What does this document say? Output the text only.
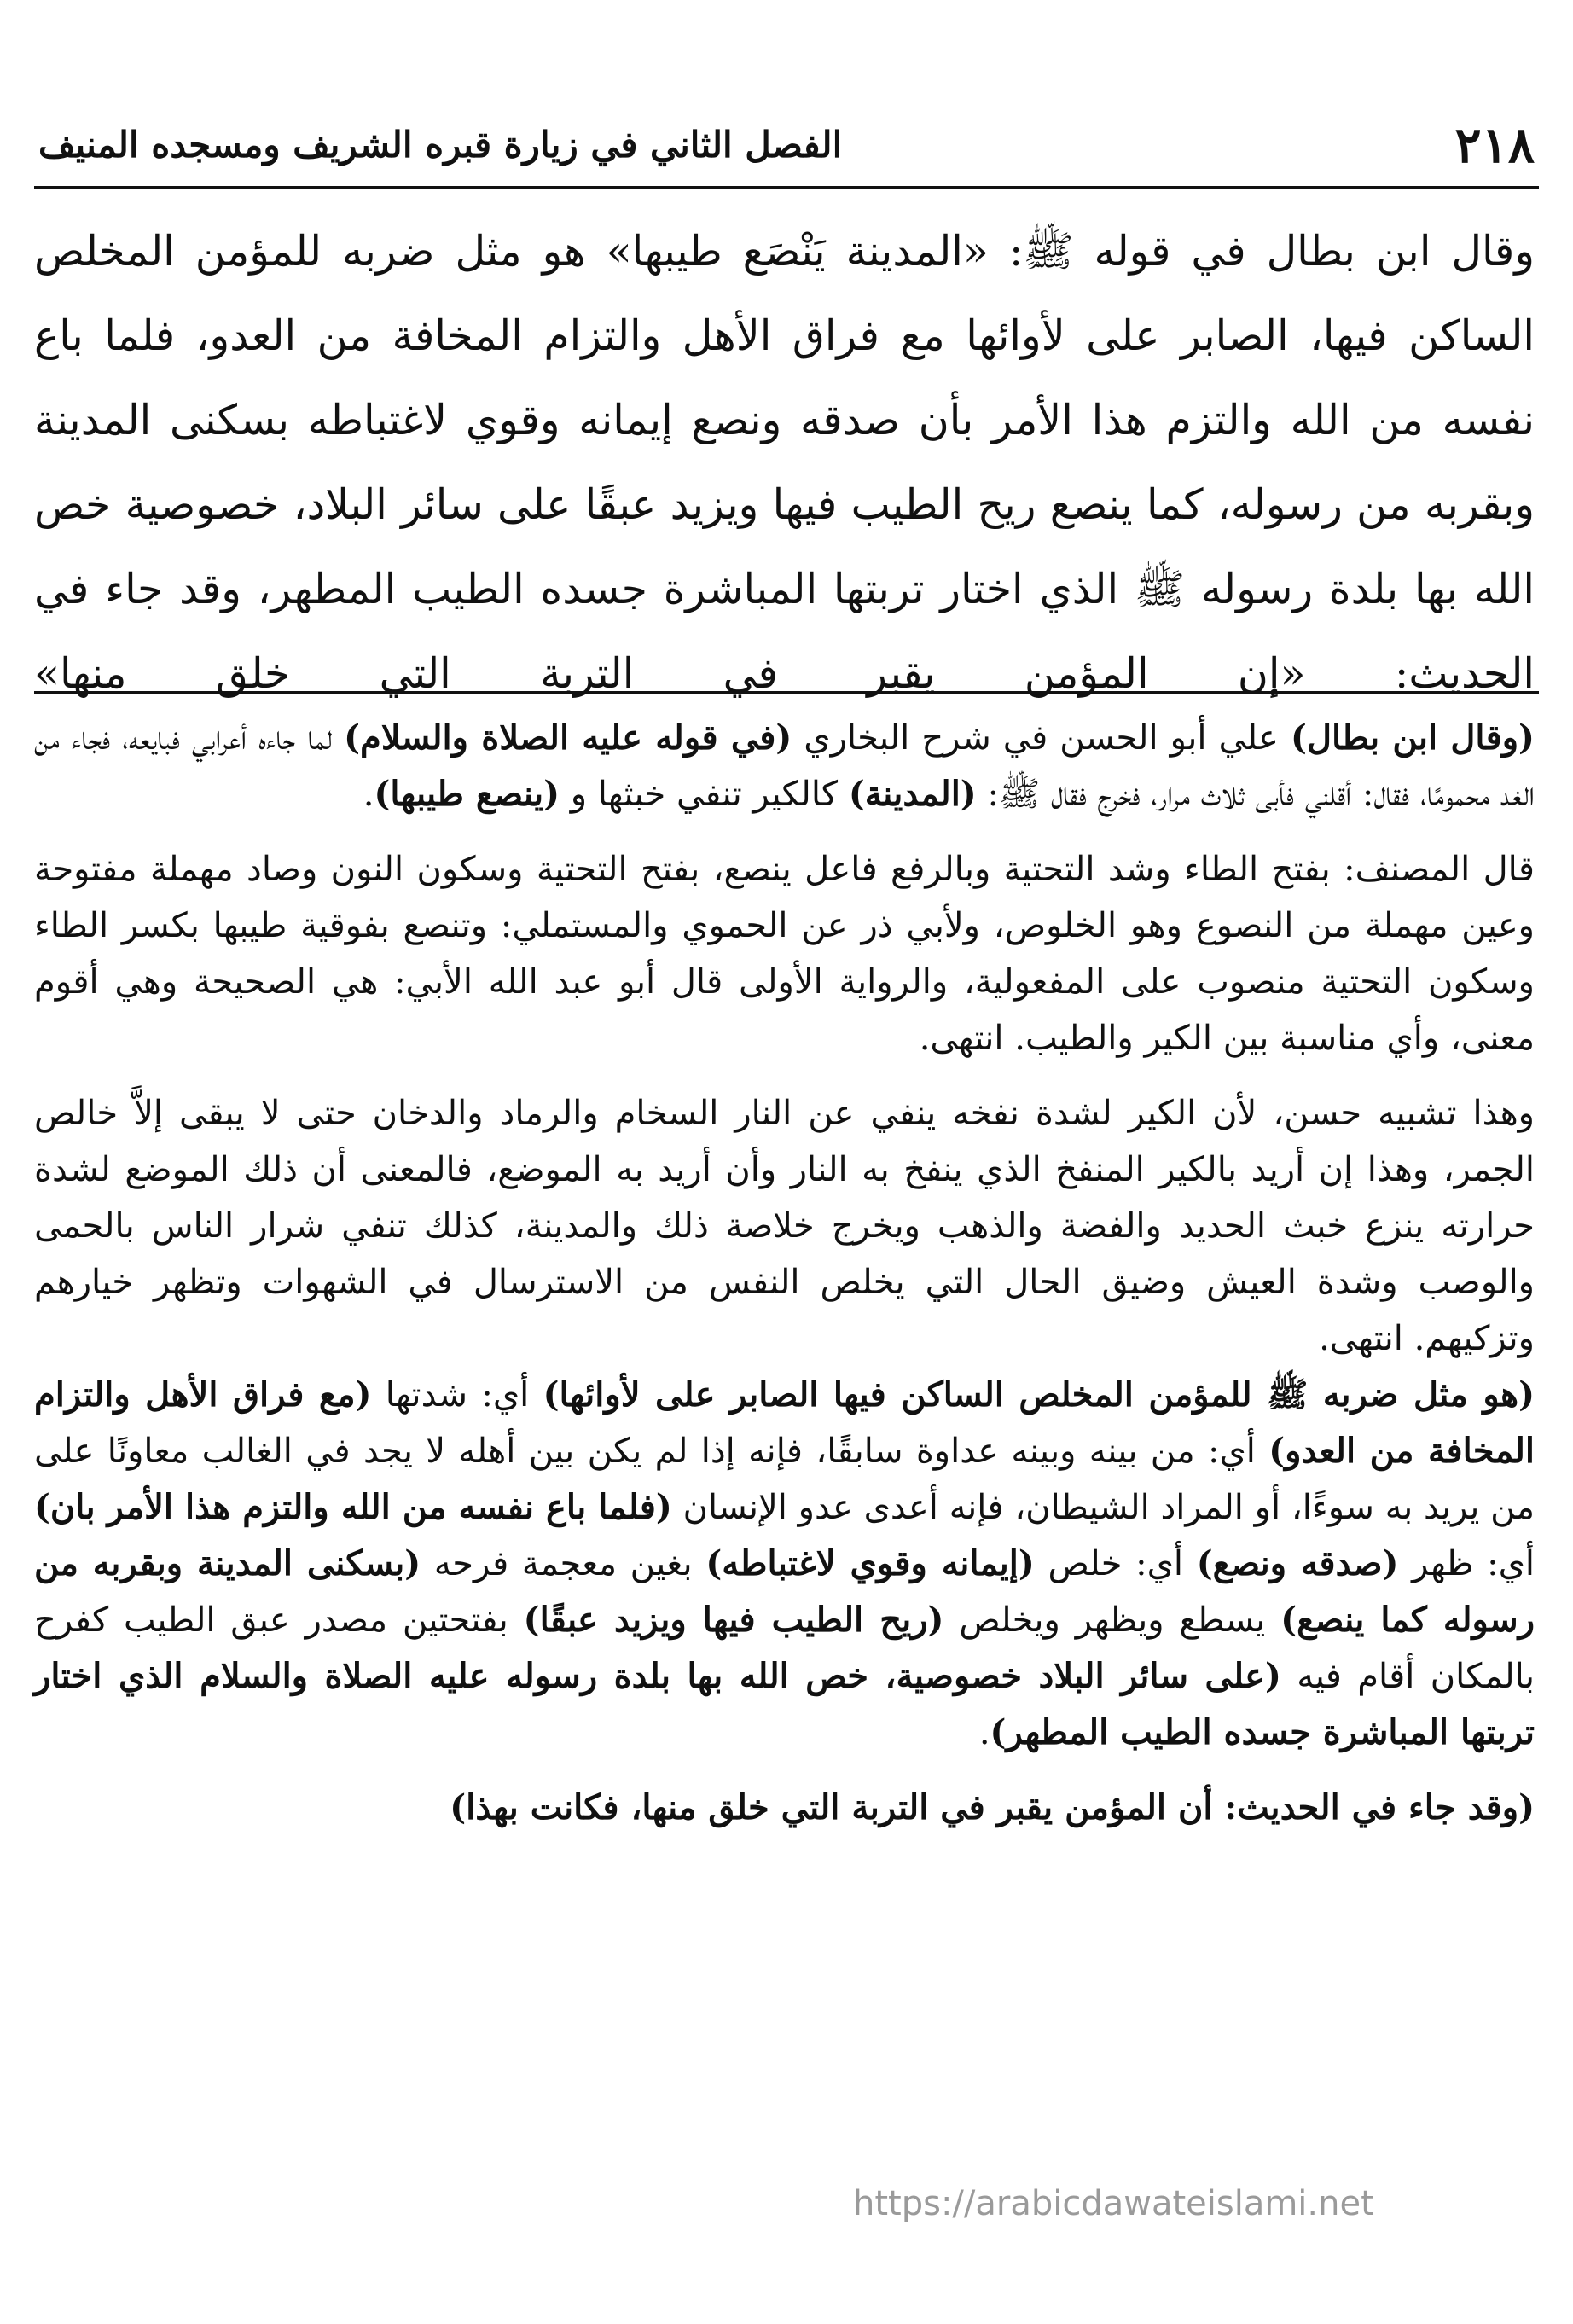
٢١٨
الفصل الثاني في زيارة قبره الشريف ومسجده المنيف

وقال ابن بطال في قوله ﷺ: «المدينة يَنْصَع طيبها» هو مثل ضربه للمؤمن المخلص الساكن فيها، الصابر على لأوائها مع فراق الأهل والتزام المخافة من العدو، فلما باع نفسه من الله والتزم هذا الأمر بأن صدقه ونصع إيمانه وقوي لاغتباطه بسكنى المدينة وبقربه من رسوله، كما ينصع ريح الطيب فيها ويزيد عبقًا على سائر البلاد، خصوصية خص الله بها بلدة رسوله ﷺ الذي اختار تربتها المباشرة جسده الطيب المطهر، وقد جاء في الحديث: «إن المؤمن يقبر في التربة التي خلق منها»

(وقال ابن بطال) علي أبو الحسن في شرح البخاري (في قوله عليه الصلاة والسلام) لما جاءه أعرابي فبايعه، فجاء من الغد محمومًا، فقال: أقلني فأبى ثلاث مرار، فخرج فقال ﷺ: (المدينة) كالكير تنفي خبثها و (ينصع طيبها).

قال المصنف: بفتح الطاء وشد التحتية وبالرفع فاعل ينصع، بفتح التحتية وسكون النون وصاد مهملة مفتوحة وعين مهملة من النصوع وهو الخلوص، ولأبي ذر عن الحموي والمستملي: وتنصع بفوقية طيبها بكسر الطاء وسكون التحتية منصوب على المفعولية، والرواية الأولى قال أبو عبد الله الأبي: هي الصحيحة وهي أقوم معنى، وأي مناسبة بين الكير والطيب. انتهى.

وهذا تشبيه حسن، لأن الكير لشدة نفخه ينفي عن النار السخام والرماد والدخان حتى لا يبقى إلاَّ خالص الجمر، وهذا إن أريد بالكير المنفخ الذي ينفخ به النار وأن أريد به الموضع، فالمعنى أن ذلك الموضع لشدة حرارته ينزع خبث الحديد والفضة والذهب ويخرج خلاصة ذلك والمدينة، كذلك تنفي شرار الناس بالحمى والوصب وشدة العيش وضيق الحال التي يخلص النفس من الاسترسال في الشهوات وتظهر خيارهم وتزكيهم. انتهى.

(هو مثل ضربه ﷺ للمؤمن المخلص الساكن فيها الصابر على لأوائها) أي: شدتها (مع فراق الأهل والتزام المخافة من العدو) أي: من بينه وبينه عداوة سابقًا، فإنه إذا لم يكن بين أهله لا يجد في الغالب معاونًا على من يريد به سوءًا، أو المراد الشيطان، فإنه أعدى عدو الإنسان (فلما باع نفسه من الله والتزم هذا الأمر بان) أي: ظهر (صدقه ونصع) أي: خلص (إيمانه وقوي لاغتباطه) بغين معجمة فرحه (بسكنى المدينة وبقربه من رسوله كما ينصع) يسطع ويظهر ويخلص (ريح الطيب فيها ويزيد عبقًا) بفتحتين مصدر عبق الطيب كفرح بالمكان أقام فيه (على سائر البلاد خصوصية، خص الله بها بلدة رسوله عليه الصلاة والسلام الذي اختار تربتها المباشرة جسده الطيب المطهر).

(وقد جاء في الحديث: أن المؤمن يقبر في التربة التي خلق منها، فكانت بهذا)

https://arabicdawateislami.net
